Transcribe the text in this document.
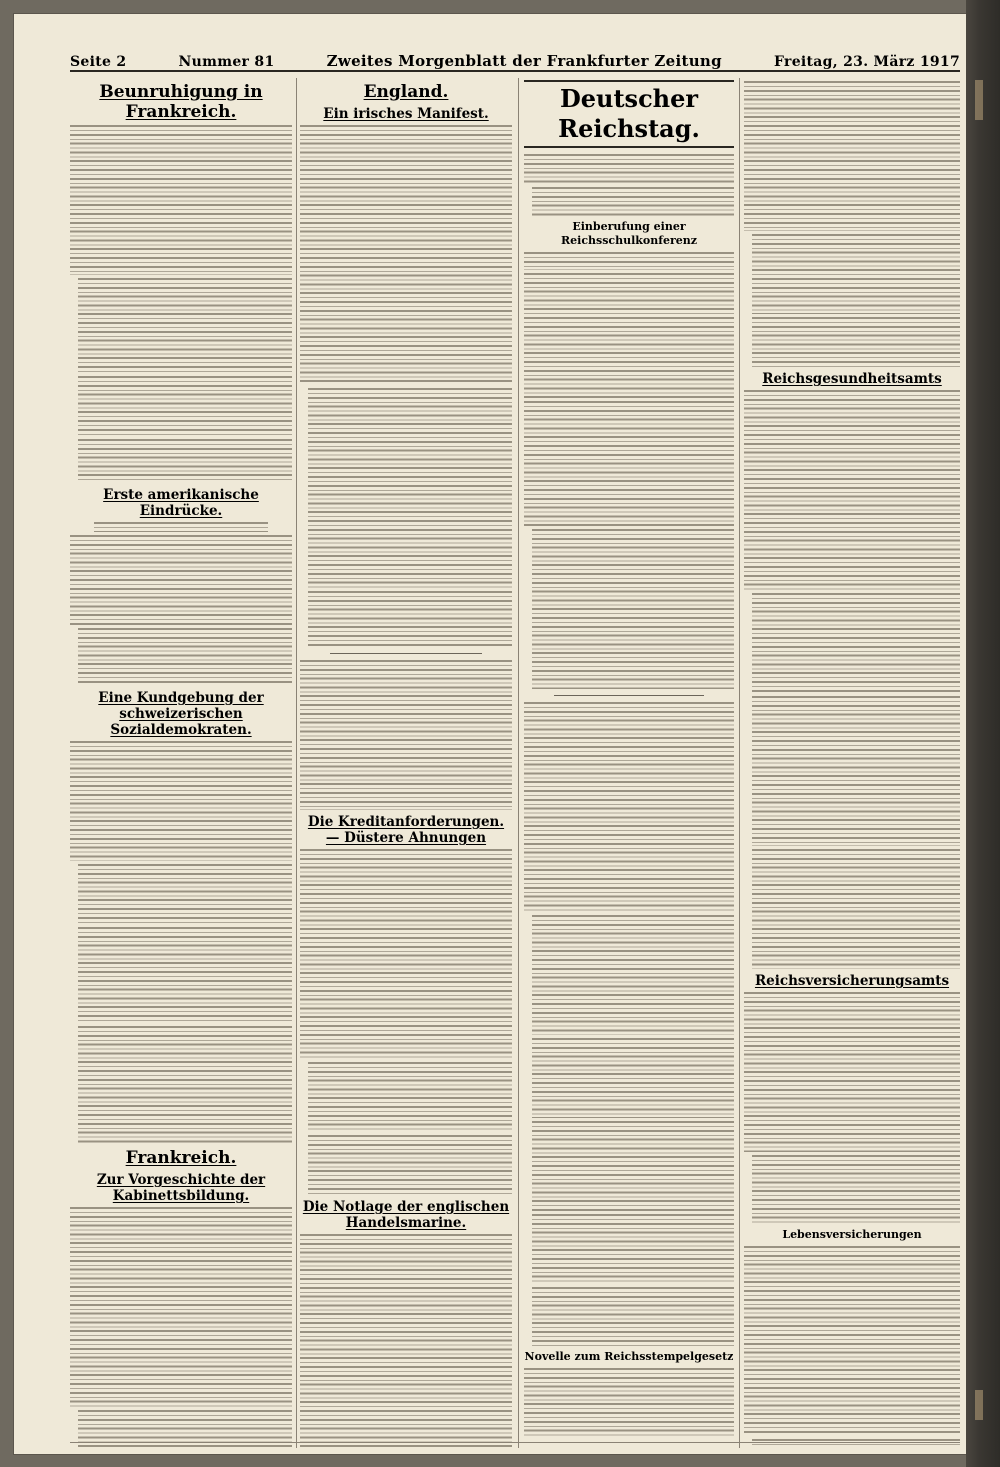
Seite 2	Nummer 81	Zweites Morgenblatt der Frankfurter Zeitung	Freitag, 23. März 1917
Beunruhigung in Frankreich.
Erste amerikanische Eindrücke.
Eine Kundgebung der schweizerischen Sozialdemokraten.
Frankreich.
Zur Vorgeschichte der Kabinettsbildung.
England.
Ein irisches Manifest.
Die Kreditanforderungen. — Düstere Ahnungen
Die Notlage der englischen Handelsmarine.
Deutscher Reichstag.
Einberufung einer Reichsschulkonferenz
Novelle zum Reichsstempelgesetz
Reichsgesundheitsamts
Reichsversicherungsamts
Lebensversicherungen
